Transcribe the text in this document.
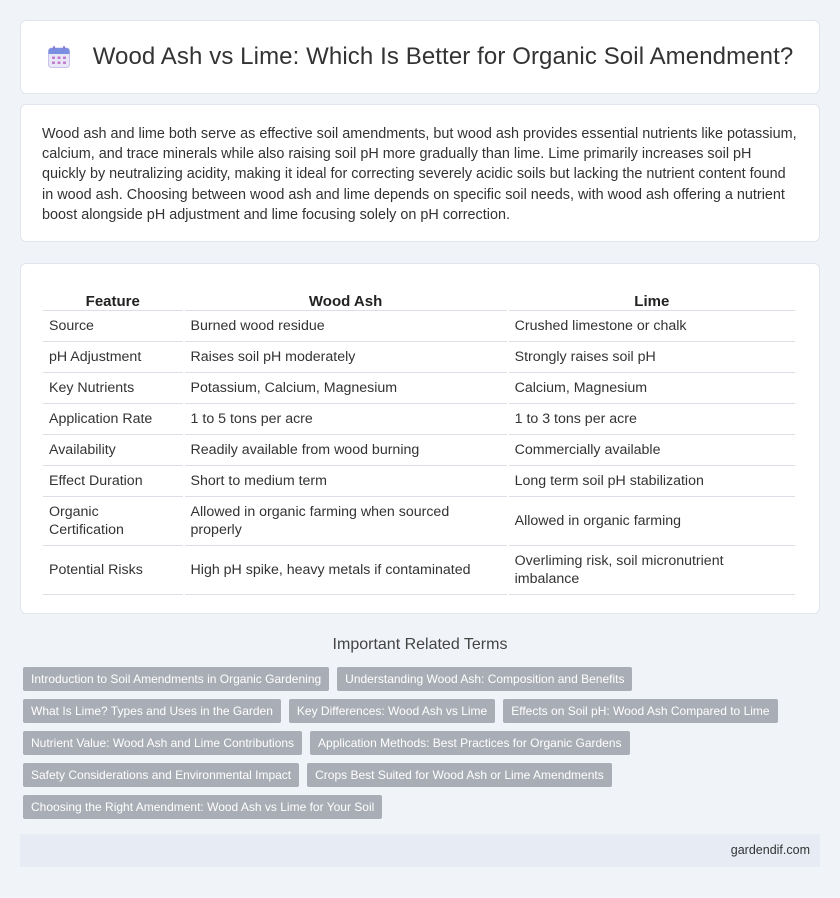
Wood Ash vs Lime: Which Is Better for Organic Soil Amendment?

Wood ash and lime both serve as effective soil amendments, but wood ash provides essential nutrients like potassium, calcium, and trace minerals while also raising soil pH more gradually than lime. Lime primarily increases soil pH quickly by neutralizing acidity, making it ideal for correcting severely acidic soils but lacking the nutrient content found in wood ash. Choosing between wood ash and lime depends on specific soil needs, with wood ash offering a nutrient boost alongside pH adjustment and lime focusing solely on pH correction.

Feature	Wood Ash	Lime
Source	Burned wood residue	Crushed limestone or chalk
pH Adjustment	Raises soil pH moderately	Strongly raises soil pH
Key Nutrients	Potassium, Calcium, Magnesium	Calcium, Magnesium
Application Rate	1 to 5 tons per acre	1 to 3 tons per acre
Availability	Readily available from wood burning	Commercially available
Effect Duration	Short to medium term	Long term soil pH stabilization
Organic Certification	Allowed in organic farming when sourced properly	Allowed in organic farming
Potential Risks	High pH spike, heavy metals if contaminated	Overliming risk, soil micronutrient imbalance
Important Related Terms
Introduction to Soil Amendments in Organic Gardening	Understanding Wood Ash: Composition and Benefits
What Is Lime? Types and Uses in the Garden	Key Differences: Wood Ash vs Lime	Effects on Soil pH: Wood Ash Compared to Lime
Nutrient Value: Wood Ash and Lime Contributions	Application Methods: Best Practices for Organic Gardens
Safety Considerations and Environmental Impact	Crops Best Suited for Wood Ash or Lime Amendments
Choosing the Right Amendment: Wood Ash vs Lime for Your Soil
gardendif.com
